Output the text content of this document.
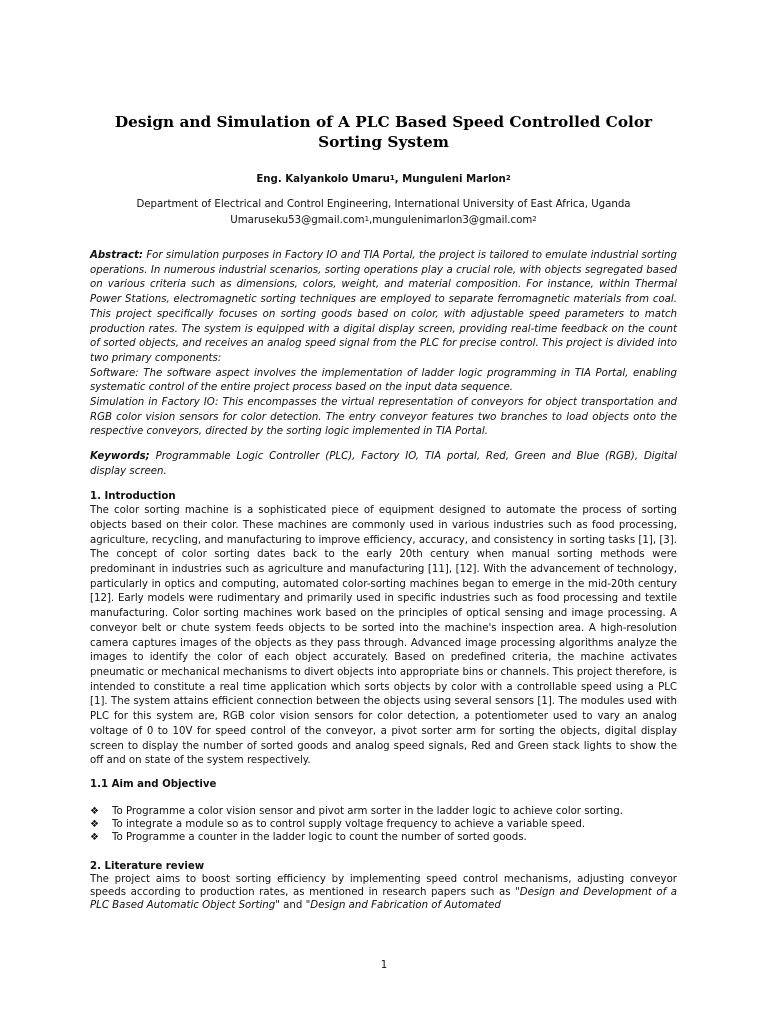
Design and Simulation of A PLC Based Speed Controlled Color Sorting System
Eng. Kalyankolo Umaru$^1$, Munguleni Marlon$^2$
Department of Electrical and Control Engineering, International University of East Africa, Uganda
Umaruseku53@gmail.com$^1$,mungulenimarlon3@gmail.com$^2$

Abstract: For simulation purposes in Factory IO and TIA Portal, the project is tailored to emulate industrial sorting operations. In numerous industrial scenarios, sorting operations play a crucial role, with objects segregated based on various criteria such as dimensions, colors, weight, and material composition. For instance, within Thermal Power Stations, electromagnetic sorting techniques are employed to separate ferromagnetic materials from coal. This project specifically focuses on sorting goods based on color, with adjustable speed parameters to match production rates. The system is equipped with a digital display screen, providing real-time feedback on the count of sorted objects, and receives an analog speed signal from the PLC for precise control. This project is divided into two primary components:

Software: The software aspect involves the implementation of ladder logic programming in TIA Portal, enabling systematic control of the entire project process based on the input data sequence.

Simulation in Factory IO: This encompasses the virtual representation of conveyors for object transportation and RGB color vision sensors for color detection. The entry conveyor features two branches to load objects onto the respective conveyors, directed by the sorting logic implemented in TIA Portal.

Keywords; Programmable Logic Controller (PLC), Factory IO, TIA portal, Red, Green and Blue (RGB), Digital display screen.

1. Introduction

The color sorting machine is a sophisticated piece of equipment designed to automate the process of sorting objects based on their color. These machines are commonly used in various industries such as food processing, agriculture, recycling, and manufacturing to improve efficiency, accuracy, and consistency in sorting tasks [1], [3]. The concept of color sorting dates back to the early 20th century when manual sorting methods were predominant in industries such as agriculture and manufacturing [11], [12]. With the advancement of technology, particularly in optics and computing, automated color-sorting machines began to emerge in the mid-20th century [12]. Early models were rudimentary and primarily used in specific industries such as food processing and textile manufacturing. Color sorting machines work based on the principles of optical sensing and image processing. A conveyor belt or chute system feeds objects to be sorted into the machine's inspection area. A high-resolution camera captures images of the objects as they pass through. Advanced image processing algorithms analyze the images to identify the color of each object accurately. Based on predefined criteria, the machine activates pneumatic or mechanical mechanisms to divert objects into appropriate bins or channels. This project therefore, is intended to constitute a real time application which sorts objects by color with a controllable speed using a PLC [1]. The system attains efficient connection between the objects using several sensors [1]. The modules used with PLC for this system are, RGB color vision sensors for color detection, a potentiometer used to vary an analog voltage of 0 to 10V for speed control of the conveyor, a pivot sorter arm for sorting the objects, digital display screen to display the number of sorted goods and analog speed signals, Red and Green stack lights to show the off and on state of the system respectively.

1.1 Aim and Objective

❖ To Programme a color vision sensor and pivot arm sorter in the ladder logic to achieve color sorting.
❖ To integrate a module so as to control supply voltage frequency to achieve a variable speed.
❖ To Programme a counter in the ladder logic to count the number of sorted goods.

2. Literature review

The project aims to boost sorting efficiency by implementing speed control mechanisms, adjusting conveyor speeds according to production rates, as mentioned in research papers such as "Design and Development of a PLC Based Automatic Object Sorting" and "Design and Fabrication of Automated

1
